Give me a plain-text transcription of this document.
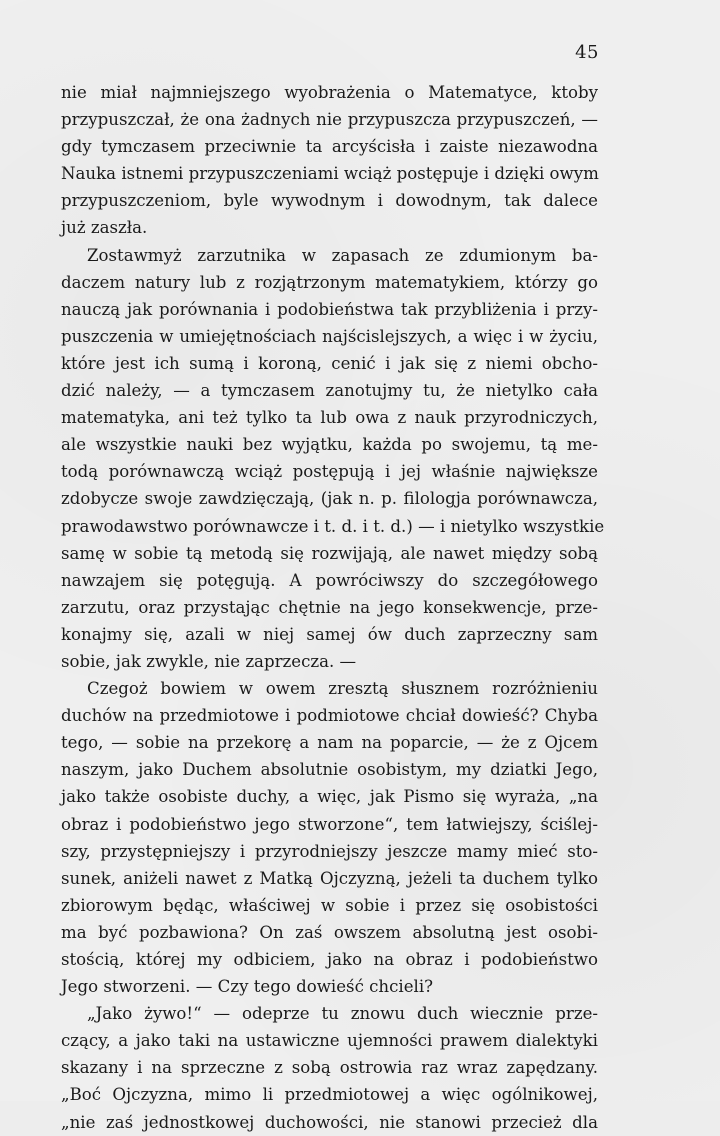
45
nie miał najmniejszego wyobrażenia o Matematyce, ktoby
przypuszczał, że ona żadnych nie przypuszcza przypuszczeń, —
gdy tymczasem przeciwnie ta arcyścisła i zaiste niezawodna
Nauka istnemi przypuszczeniami wciąż postępuje i dzięki owym
przypuszczeniom, byle wywodnym i dowodnym, tak dalece
już zaszła.
Zostawmyż zarzutnika w zapasach ze zdumionym ba-
daczem natury lub z rozjątrzonym matematykiem, którzy go
nauczą jak porównania i podobieństwa tak przybliżenia i przy-
puszczenia w umiejętnościach najścislejszych, a więc i w życiu,
które jest ich sumą i koroną, cenić i jak się z niemi obcho-
dzić należy, — a tymczasem zanotujmy tu, że nietylko cała
matematyka, ani też tylko ta lub owa z nauk przyrodniczych,
ale wszystkie nauki bez wyjątku, każda po swojemu, tą me-
todą porównawczą wciąż postępują i jej właśnie największe
zdobycze swoje zawdzięczają, (jak n. p. filologja porównawcza,
prawodawstwo porównawcze i t. d. i t. d.) — i nietylko wszystkie
samę w sobie tą metodą się rozwijają, ale nawet między sobą
nawzajem się potęgują. A powróciwszy do szczegółowego
zarzutu, oraz przystając chętnie na jego konsekwencje, prze-
konajmy się, azali w niej samej ów duch zaprzeczny sam
sobie, jak zwykle, nie zaprzecza. —
Czegoż bowiem w owem zresztą słusznem rozróżnieniu
duchów na przedmiotowe i podmiotowe chciał dowieść? Chyba
tego, — sobie na przekorę a nam na poparcie, — że z Ojcem
naszym, jako Duchem absolutnie osobistym, my dziatki Jego,
jako także osobiste duchy, a więc, jak Pismo się wyraża, „na
obraz i podobieństwo jego stworzone“, tem łatwiejszy, ściślej-
szy, przystępniejszy i przyrodniejszy jeszcze mamy mieć sto-
sunek, aniżeli nawet z Matką Ojczyzną, jeżeli ta duchem tylko
zbiorowym będąc, właściwej w sobie i przez się osobistości
ma być pozbawiona? On zaś owszem absolutną jest osobi-
stością, której my odbiciem, jako na obraz i podobieństwo
Jego stworzeni. — Czy tego dowieść chcieli?
„Jako żywo!“ — odeprze tu znowu duch wiecznie prze-
czący, a jako taki na ustawiczne ujemności prawem dialektyki
skazany i na sprzeczne z sobą ostrowia raz wraz zapędzany.
„Boć Ojczyzna, mimo li przedmiotowej a więc ogólnikowej,
„nie zaś jednostkowej duchowości, nie stanowi przecież dla
